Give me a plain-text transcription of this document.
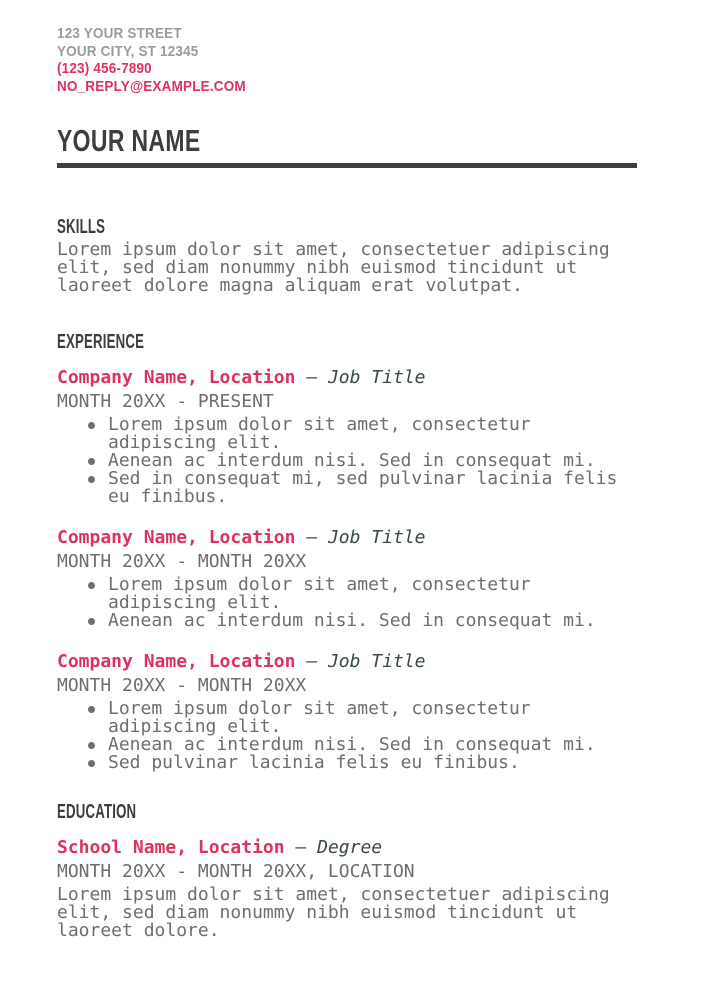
123 YOUR STREET
YOUR CITY, ST 12345
(123) 456-7890
NO_REPLY@EXAMPLE.COM
YOUR NAME
SKILLS

Lorem ipsum dolor sit amet, consectetuer adipiscing elit, sed diam nonummy nibh euismod tincidunt ut laoreet dolore magna aliquam erat volutpat.

EXPERIENCE
Company Name, Location — Job Title
MONTH 20XX - PRESENT
Lorem ipsum dolor sit amet, consectetur adipiscing elit.
Aenean ac interdum nisi. Sed in consequat mi.
Sed in consequat mi, sed pulvinar lacinia felis eu finibus.
Company Name, Location — Job Title
MONTH 20XX - MONTH 20XX
Lorem ipsum dolor sit amet, consectetur adipiscing elit.
Aenean ac interdum nisi. Sed in consequat mi.
Company Name, Location — Job Title
MONTH 20XX - MONTH 20XX
Lorem ipsum dolor sit amet, consectetur adipiscing elit.
Aenean ac interdum nisi. Sed in consequat mi.
Sed pulvinar lacinia felis eu finibus.
EDUCATION
School Name, Location — Degree
MONTH 20XX - MONTH 20XX, LOCATION

Lorem ipsum dolor sit amet, consectetuer adipiscing elit, sed diam nonummy nibh euismod tincidunt ut laoreet dolore.
